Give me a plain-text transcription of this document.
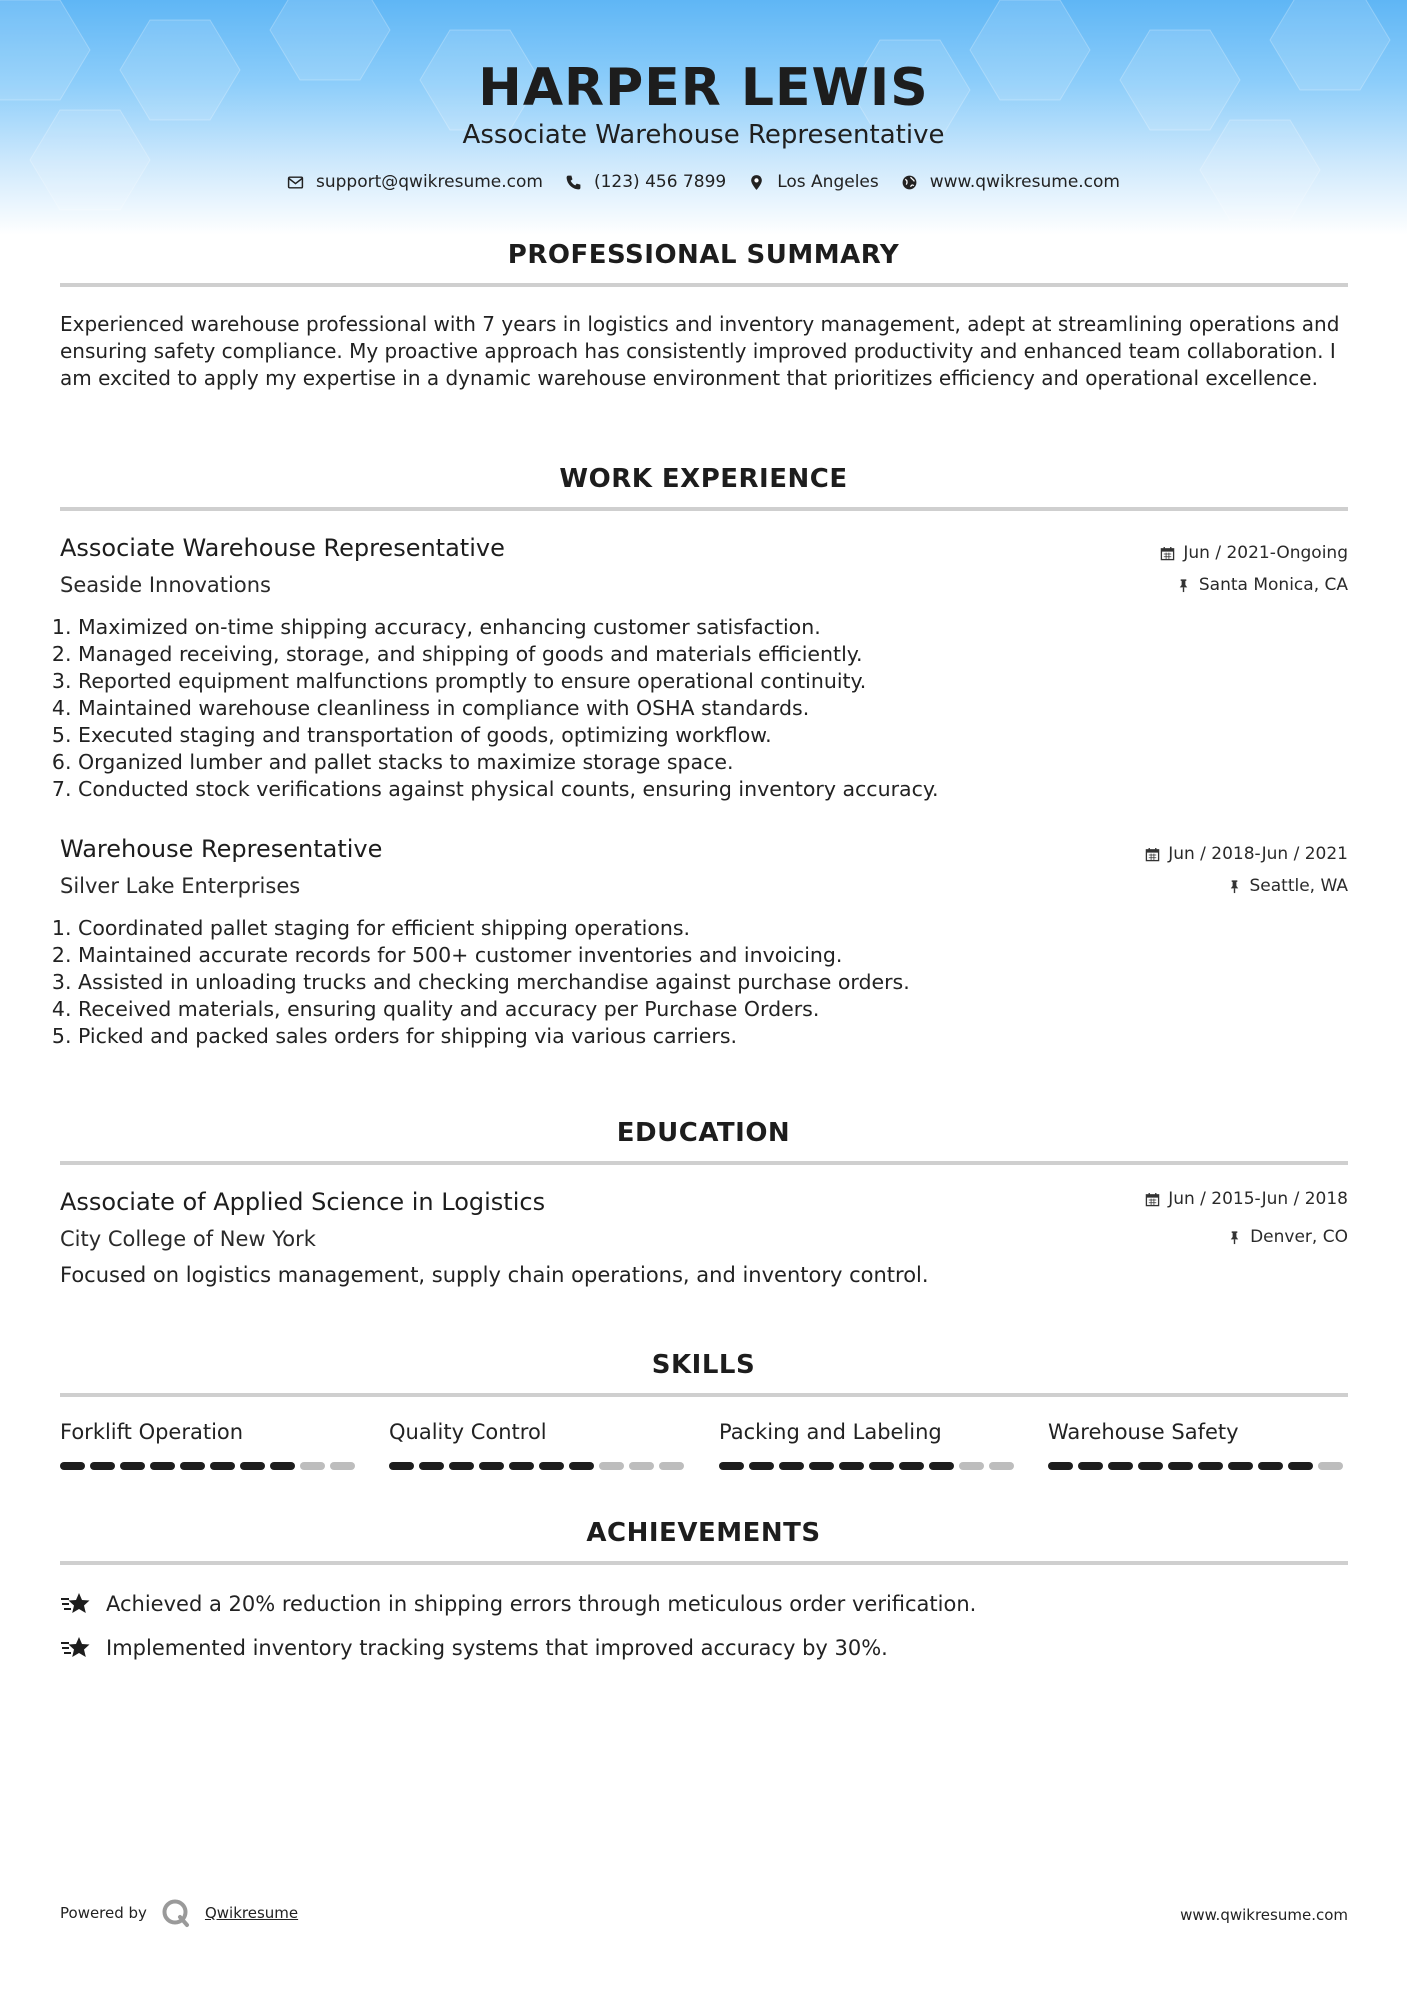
HARPER LEWIS
Associate Warehouse Representative
support@qwikresume.com	(123) 456 7899	Los Angeles	www.qwikresume.com
PROFESSIONAL SUMMARY
Experienced warehouse professional with 7 years in logistics and inventory management, adept at streamlining operations and ensuring safety compliance. My proactive approach has consistently improved productivity and enhanced team collaboration. I am excited to apply my expertise in a dynamic warehouse environment that prioritizes efficiency and operational excellence.
WORK EXPERIENCE
Associate Warehouse Representative	Jun / 2021-Ongoing
Seaside Innovations	Santa Monica, CA
1. Maximized on-time shipping accuracy, enhancing customer satisfaction.
2. Managed receiving, storage, and shipping of goods and materials efficiently.
3. Reported equipment malfunctions promptly to ensure operational continuity.
4. Maintained warehouse cleanliness in compliance with OSHA standards.
5. Executed staging and transportation of goods, optimizing workflow.
6. Organized lumber and pallet stacks to maximize storage space.
7. Conducted stock verifications against physical counts, ensuring inventory accuracy.
Warehouse Representative	Jun / 2018-Jun / 2021
Silver Lake Enterprises	Seattle, WA
1. Coordinated pallet staging for efficient shipping operations.
2. Maintained accurate records for 500+ customer inventories and invoicing.
3. Assisted in unloading trucks and checking merchandise against purchase orders.
4. Received materials, ensuring quality and accuracy per Purchase Orders.
5. Picked and packed sales orders for shipping via various carriers.
EDUCATION
Associate of Applied Science in Logistics	Jun / 2015-Jun / 2018
City College of New York	Denver, CO
Focused on logistics management, supply chain operations, and inventory control.
SKILLS
Forklift Operation	Quality Control	Packing and Labeling	Warehouse Safety
ACHIEVEMENTS
Achieved a 20% reduction in shipping errors through meticulous order verification.
Implemented inventory tracking systems that improved accuracy by 30%.
Powered by	Qwikresume	www.qwikresume.com
